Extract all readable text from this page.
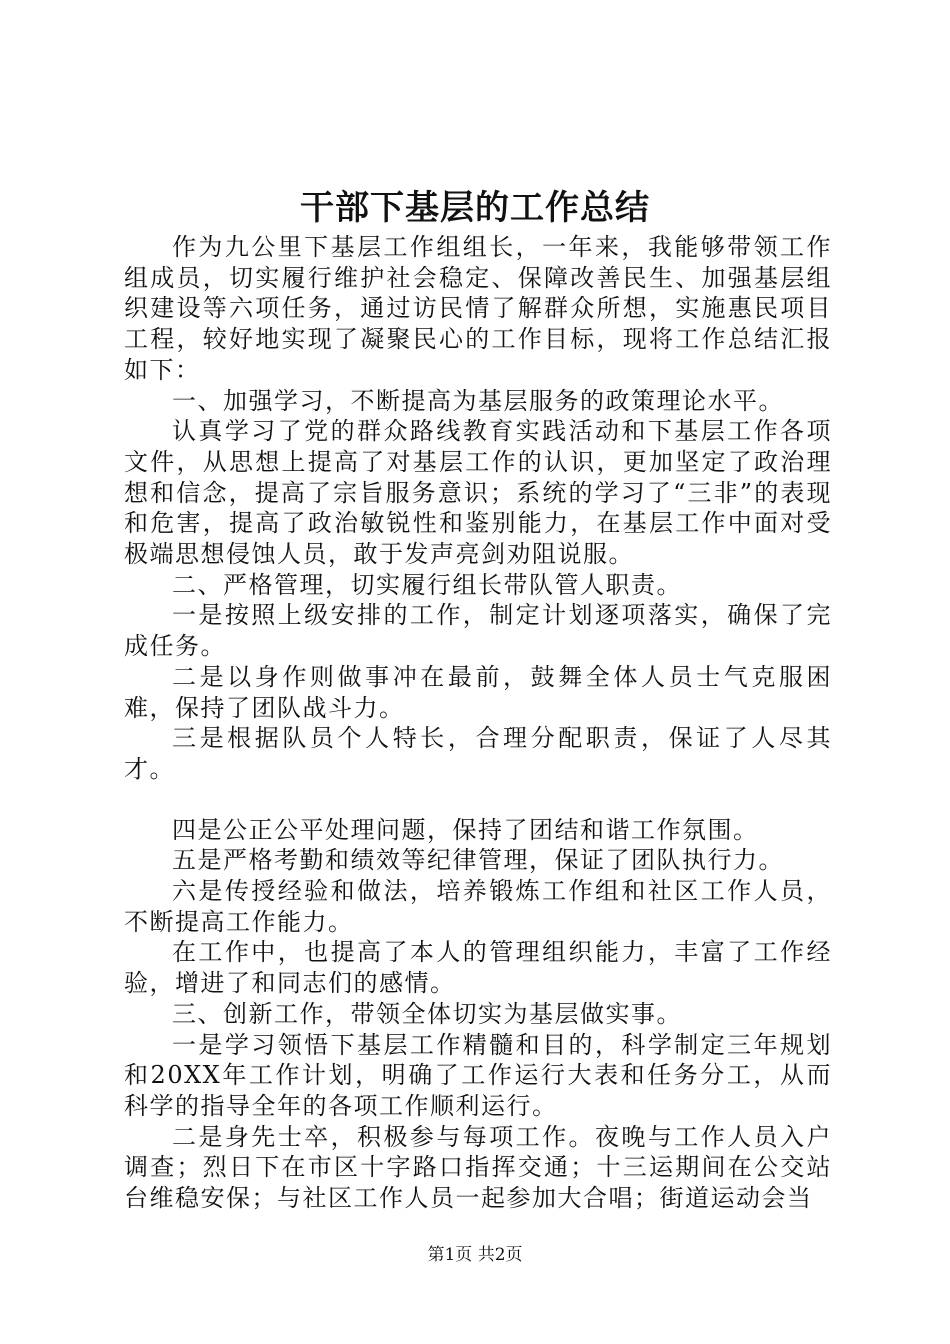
干部下基层的工作总结

作为九公里下基层工作组组长，一年来，我能够带领工作组成员，切实履行维护社会稳定、保障改善民生、加强基层组织建设等六项任务，通过访民情了解群众所想，实施惠民项目工程，较好地实现了凝聚民心的工作目标，现将工作总结汇报如下：

一、加强学习，不断提高为基层服务的政策理论水平。

认真学习了党的群众路线教育实践活动和下基层工作各项文件，从思想上提高了对基层工作的认识，更加坚定了政治理想和信念，提高了宗旨服务意识；系统的学习了“三非”的表现和危害，提高了政治敏锐性和鉴别能力，在基层工作中面对受极端思想侵蚀人员，敢于发声亮剑劝阻说服。

二、严格管理，切实履行组长带队管人职责。

一是按照上级安排的工作，制定计划逐项落实，确保了完成任务。

二是以身作则做事冲在最前，鼓舞全体人员士气克服困难，保持了团队战斗力。

三是根据队员个人特长，合理分配职责，保证了人尽其才。

四是公正公平处理问题，保持了团结和谐工作氛围。

五是严格考勤和绩效等纪律管理，保证了团队执行力。

六是传授经验和做法，培养锻炼工作组和社区工作人员，不断提高工作能力。

在工作中，也提高了本人的管理组织能力，丰富了工作经验，增进了和同志们的感情。

三、创新工作，带领全体切实为基层做实事。

一是学习领悟下基层工作精髓和目的，科学制定三年规划和20XX年工作计划，明确了工作运行大表和任务分工，从而科学的指导全年的各项工作顺利运行。

二是身先士卒，积极参与每项工作。夜晚与工作人员入户调查；烈日下在市区十字路口指挥交通；十三运期间在公交站台维稳安保；与社区工作人员一起参加大合唱；街道运动会当

第1页 共2页
